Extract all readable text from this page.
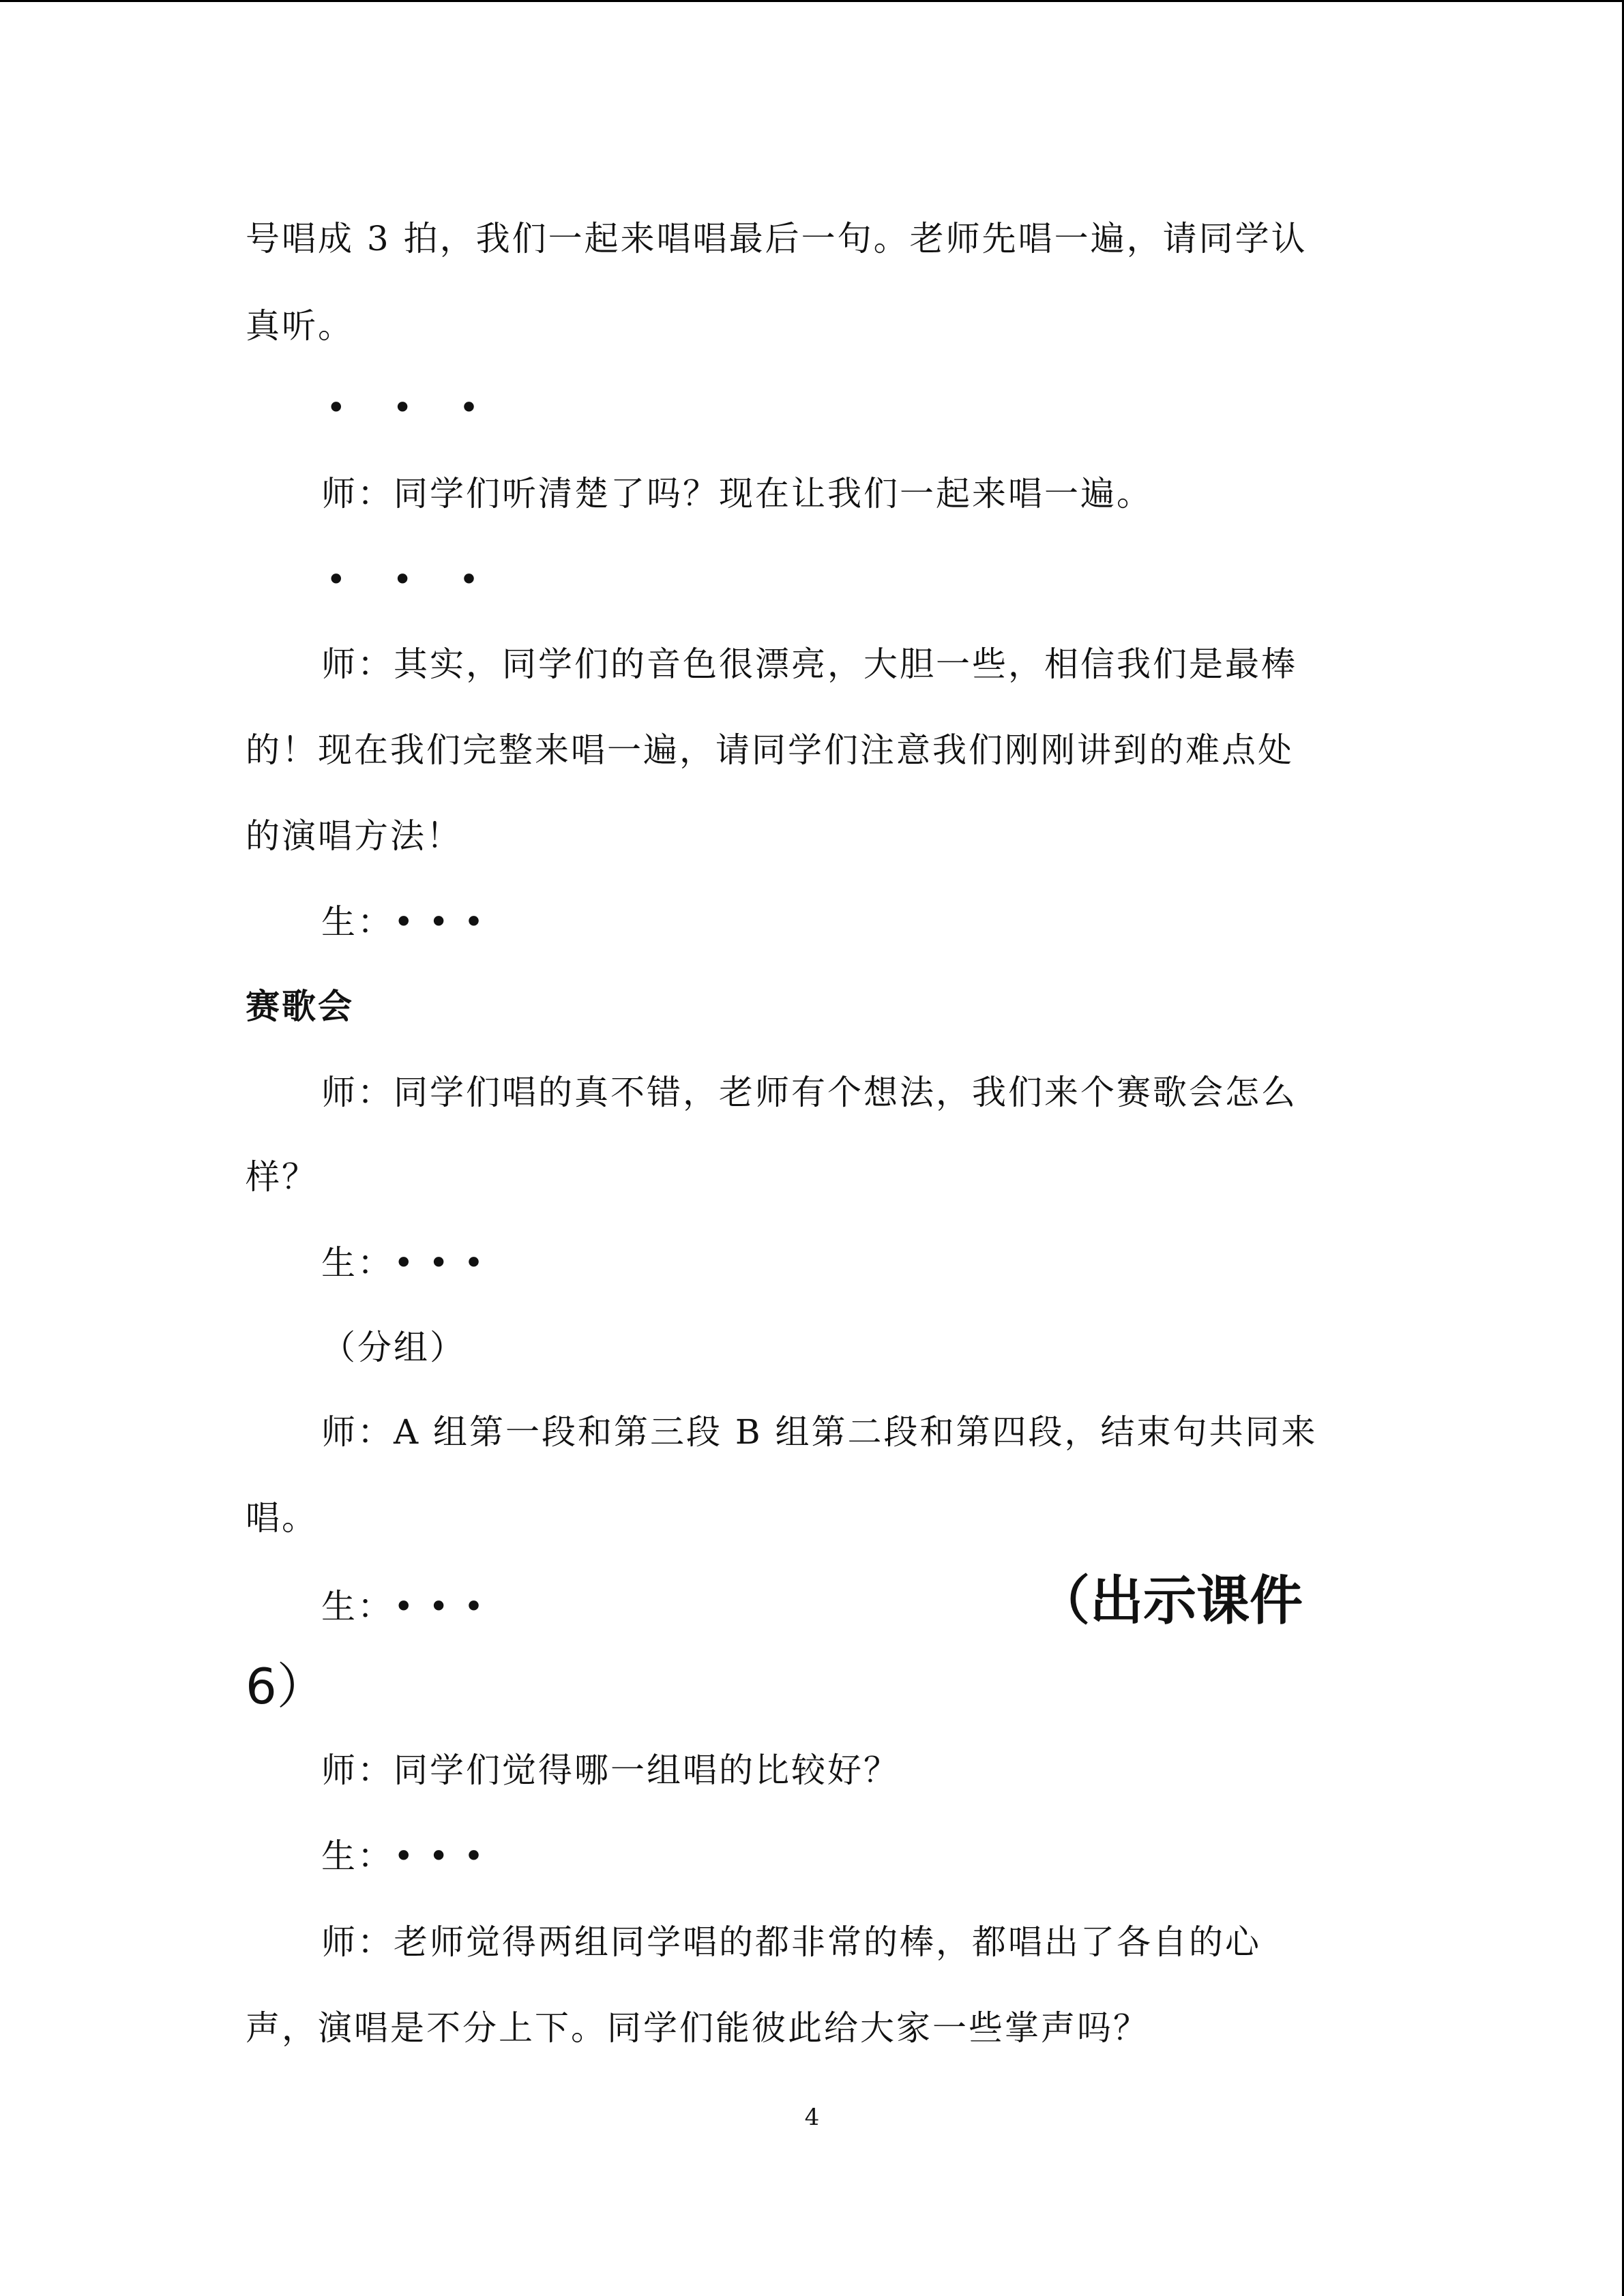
号唱成 3 拍，我们一起来唱唱最后一句。老师先唱一遍，请同学认
真听。
• • •
师：同学们听清楚了吗？现在让我们一起来唱一遍。
• • •
师：其实，同学们的音色很漂亮，大胆一些，相信我们是最棒
的！现在我们完整来唱一遍，请同学们注意我们刚刚讲到的难点处
的演唱方法！
生：• • •
赛歌会
师：同学们唱的真不错，老师有个想法，我们来个赛歌会怎么
样？
生：• • •
（分组）
师：A 组第一段和第三段 B 组第二段和第四段，结束句共同来
唱。
生：• • •	（出示课件
6）
师：同学们觉得哪一组唱的比较好？
生：• • •
师：老师觉得两组同学唱的都非常的棒，都唱出了各自的心
声，演唱是不分上下。同学们能彼此给大家一些掌声吗？
4
